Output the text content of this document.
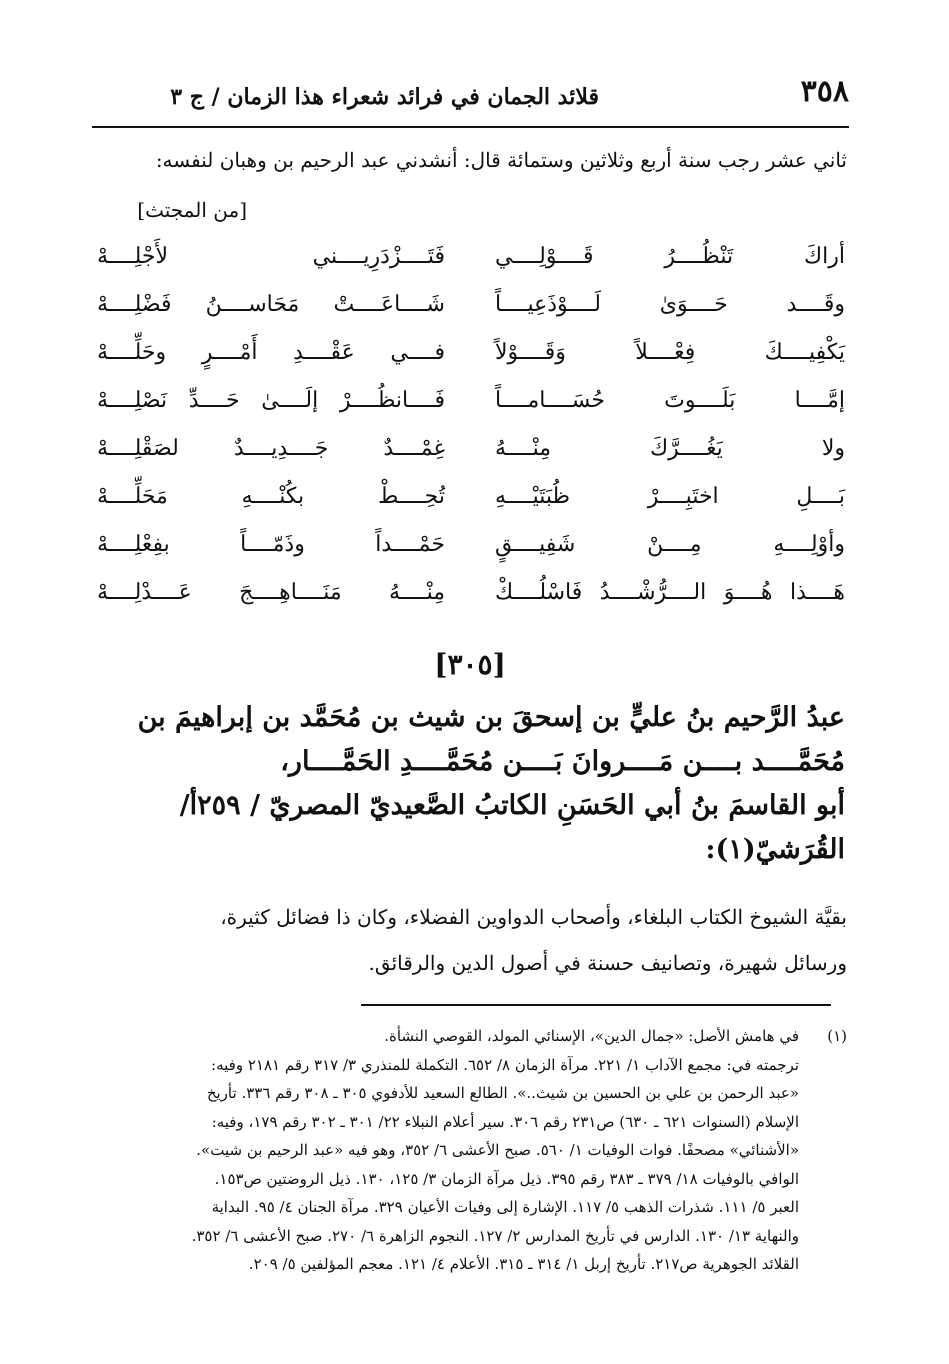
٣٥٨
قلائد الجمان في فرائد شعراء هذا الزمان / ج ٣
ثاني عشر رجب سنة أربع وثلاثين وستمائة قال: أنشدني عبد الرحيم بن وهبان لنفسه:
[من المجتث]
أراكَ تَنْظُــــرُ قَــــوْلِــــي
فَتَــــزْدَرِيــــني لأَجْلِــــهْ
وقَــــد حَــــوَىٰ لَــــوْذَعِيــــاً
شَــــاعَــــتْ مَحَاســــنُ فَضْلِــــهْ
يَكْفِيــــكَ فِعْــــلاً وَقَــــوْلاً
فــــي عَقْــــدِ أَمْــــرٍ وحَلِّــــهْ
إمَّــــا بَلَــــوتَ حُسَــــامــــاً
فَــــانظُــــرْ إلَــــىٰ حَــــدِّ نَصْلِــــهْ
ولا يَغُــــرَّكَ مِنْــــهُ
غِمْــــدٌ جَــــدِيــــدٌ لصَقْلِــــهْ
بَــــلِ اختَبِــــرْ ظُبَتَيْــــهِ
تُحِــــطْ بكُنْــــهِ مَحَلِّــــهْ
وأوْلِــــهِ مِــــنْ شَفِيــــقٍ
حَمْــــداً وذَمّــــاً بفِعْلِــــهْ
هَــــذا هُــــوَ الــــرُّشْــــدُ فَاسْلُــــكْ
مِنْــــهُ مَنَــــاهِــــجَ عَــــدْلِــــهْ
[٣٠٥]
عبدُ الرَّحيم بنُ عليٍّ بن إسحقَ بن شيث بن مُحَمَّد بن إبراهيمَ بن
مُحَمَّــــد بــــن مَــــروانَ بَــــن مُحَمَّــــدِ الحَمَّــــار،
أبو القاسمَ بنُ أبي الحَسَنِ الكاتبُ الصَّعيديّ المصريّ / ٢٥٩أ/
القُرَشيّ(١):
بقيَّة الشيوخ الكتاب البلغاء، وأصحاب الدواوين الفضلاء، وكان ذا فضائل كثيرة،
ورسائل شهيرة، وتصانيف حسنة في أصول الدين والرقائق.
(١)
في هامش الأصل: «جمال الدين»، الإسنائي المولد، القوصي النشأة.
ترجمته في: مجمع الآداب ١/ ٢٢١. مرآة الزمان ٨/ ٦٥٢. التكملة للمنذري ٣/ ٣١٧ رقم ٢١٨١ وفيه:
«عبد الرحمن بن علي بن الحسين بن شيث..». الطالع السعيد للأدفوي ٣٠٥ ـ ٣٠٨ رقم ٣٣٦. تأريخ
الإسلام (السنوات ٦٢١ ـ ٦٣٠) ص٢٣١ رقم ٣٠٦. سير أعلام النبلاء ٢٢/ ٣٠١ ـ ٣٠٢ رقم ١٧٩، وفيه:
«الأشنائي» مصحفًا. فوات الوفيات ١/ ٥٦٠. صبح الأعشى ٦/ ٣٥٢، وهو فيه «عبد الرحيم بن شيت».
الوافي بالوفيات ١٨/ ٣٧٩ ـ ٣٨٣ رقم ٣٩٥. ذيل مرآة الزمان ٣/ ١٢٥، ١٣٠. ذيل الروضتين ص١٥٣.
العبر ٥/ ١١١. شذرات الذهب ٥/ ١١٧. الإشارة إلى وفيات الأعيان ٣٢٩. مرآة الجنان ٤/ ٩٥. البداية
والنهاية ١٣/ ١٣٠. الدارس في تأريخ المدارس ٢/ ١٢٧. النجوم الزاهرة ٦/ ٢٧٠. صبح الأعشى ٦/ ٣٥٢.
القلائد الجوهرية ص٢١٧. تأريخ إربل ١/ ٣١٤ ـ ٣١٥. الأعلام ٤/ ١٢١. معجم المؤلفين ٥/ ٢٠٩.
